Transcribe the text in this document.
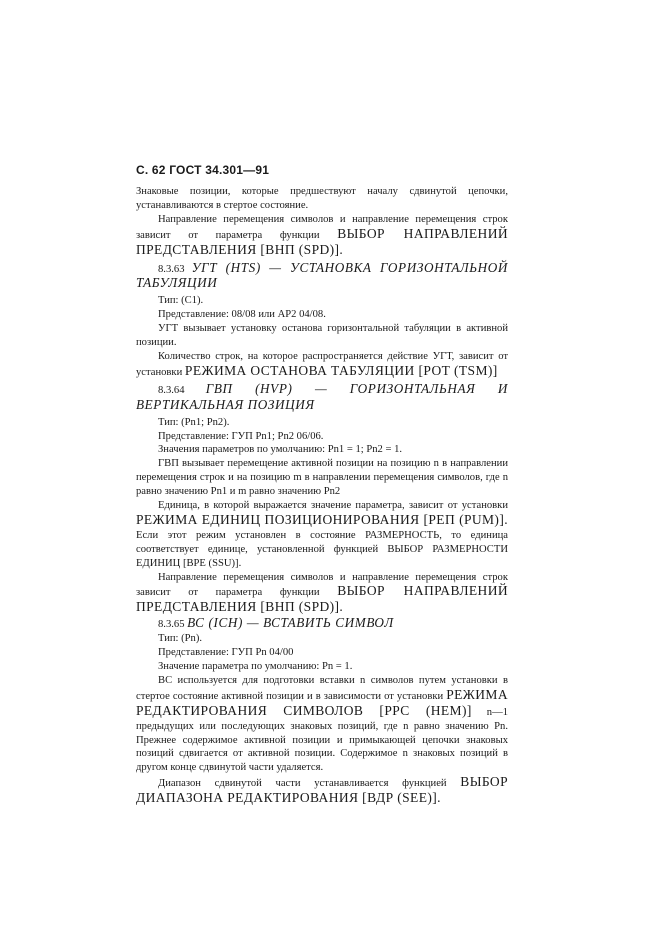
С. 62 ГОСТ 34.301—91

Знаковые позиции, которые предшествуют началу сдвинутой цепочки, устанавливаются в стертое состояние.

Направление перемещения символов и направление перемещения строк зависит от параметра функции ВЫБОР НАПРАВЛЕНИЙ ПРЕДСТАВЛЕНИЯ [ВНП (SPD)].

8.3.63 УГТ (HTS) — УСТАНОВКА ГОРИЗОНТАЛЬНОЙ ТАБУЛЯЦИИ

Тип: (C1).

Представление: 08/08 или АР2 04/08.

УГТ вызывает установку останова горизонтальной табуляции в активной позиции.

Количество строк, на которое распространяется действие УГТ, зависит от установки РЕЖИМА ОСТАНОВА ТАБУЛЯЦИИ [РОТ (TSM)]

8.3.64 ГВП (HVP) — ГОРИЗОНТАЛЬНАЯ И ВЕРТИКАЛЬНАЯ ПОЗИЦИЯ

Тип: (Pn1; Pn2).

Представление: ГУП Pn1; Pn2 06/06.

Значения параметров по умолчанию: Pn1 = 1; Pn2 = 1.

ГВП вызывает перемещение активной позиции на позицию n в направлении перемещения строк и на позицию m в направлении перемещения символов, где n равно значению Pn1 и m равно значению Pn2

Единица, в которой выражается значение параметра, зависит от установки РЕЖИМА ЕДИНИЦ ПОЗИЦИОНИРОВАНИЯ [РЕП (PUM)]. Если этот режим установлен в состояние РАЗМЕРНОСТЬ, то единица соответствует единице, установленной функцией ВЫБОР РАЗМЕРНОСТИ ЕДИНИЦ [ВРЕ (SSU)].

Направление перемещения символов и направление перемещения строк зависит от параметра функции ВЫБОР НАПРАВЛЕНИЙ ПРЕДСТАВЛЕНИЯ [ВНП (SPD)].

8.3.65 ВС (ICH) — ВСТАВИТЬ СИМВОЛ

Тип: (Pn).

Представление: ГУП Pn 04/00

Значение параметра по умолчанию: Pn = 1.

ВС используется для подготовки вставки n символов путем установки в стертое состояние активной позиции и в зависимости от установки РЕЖИМА РЕДАКТИРОВАНИЯ СИМВОЛОВ [РРС (HEM)] n—1 предыдущих или последующих знаковых позиций, где n равно значению Pn. Прежнее содержимое активной позиции и примыкающей цепочки знаковых позиций сдвигается от активной позиции. Содержимое n знаковых позиций в другом конце сдвинутой части удаляется.

Диапазон сдвинутой части устанавливается функцией ВЫБОР ДИАПАЗОНА РЕДАКТИРОВАНИЯ [ВДР (SEE)].
